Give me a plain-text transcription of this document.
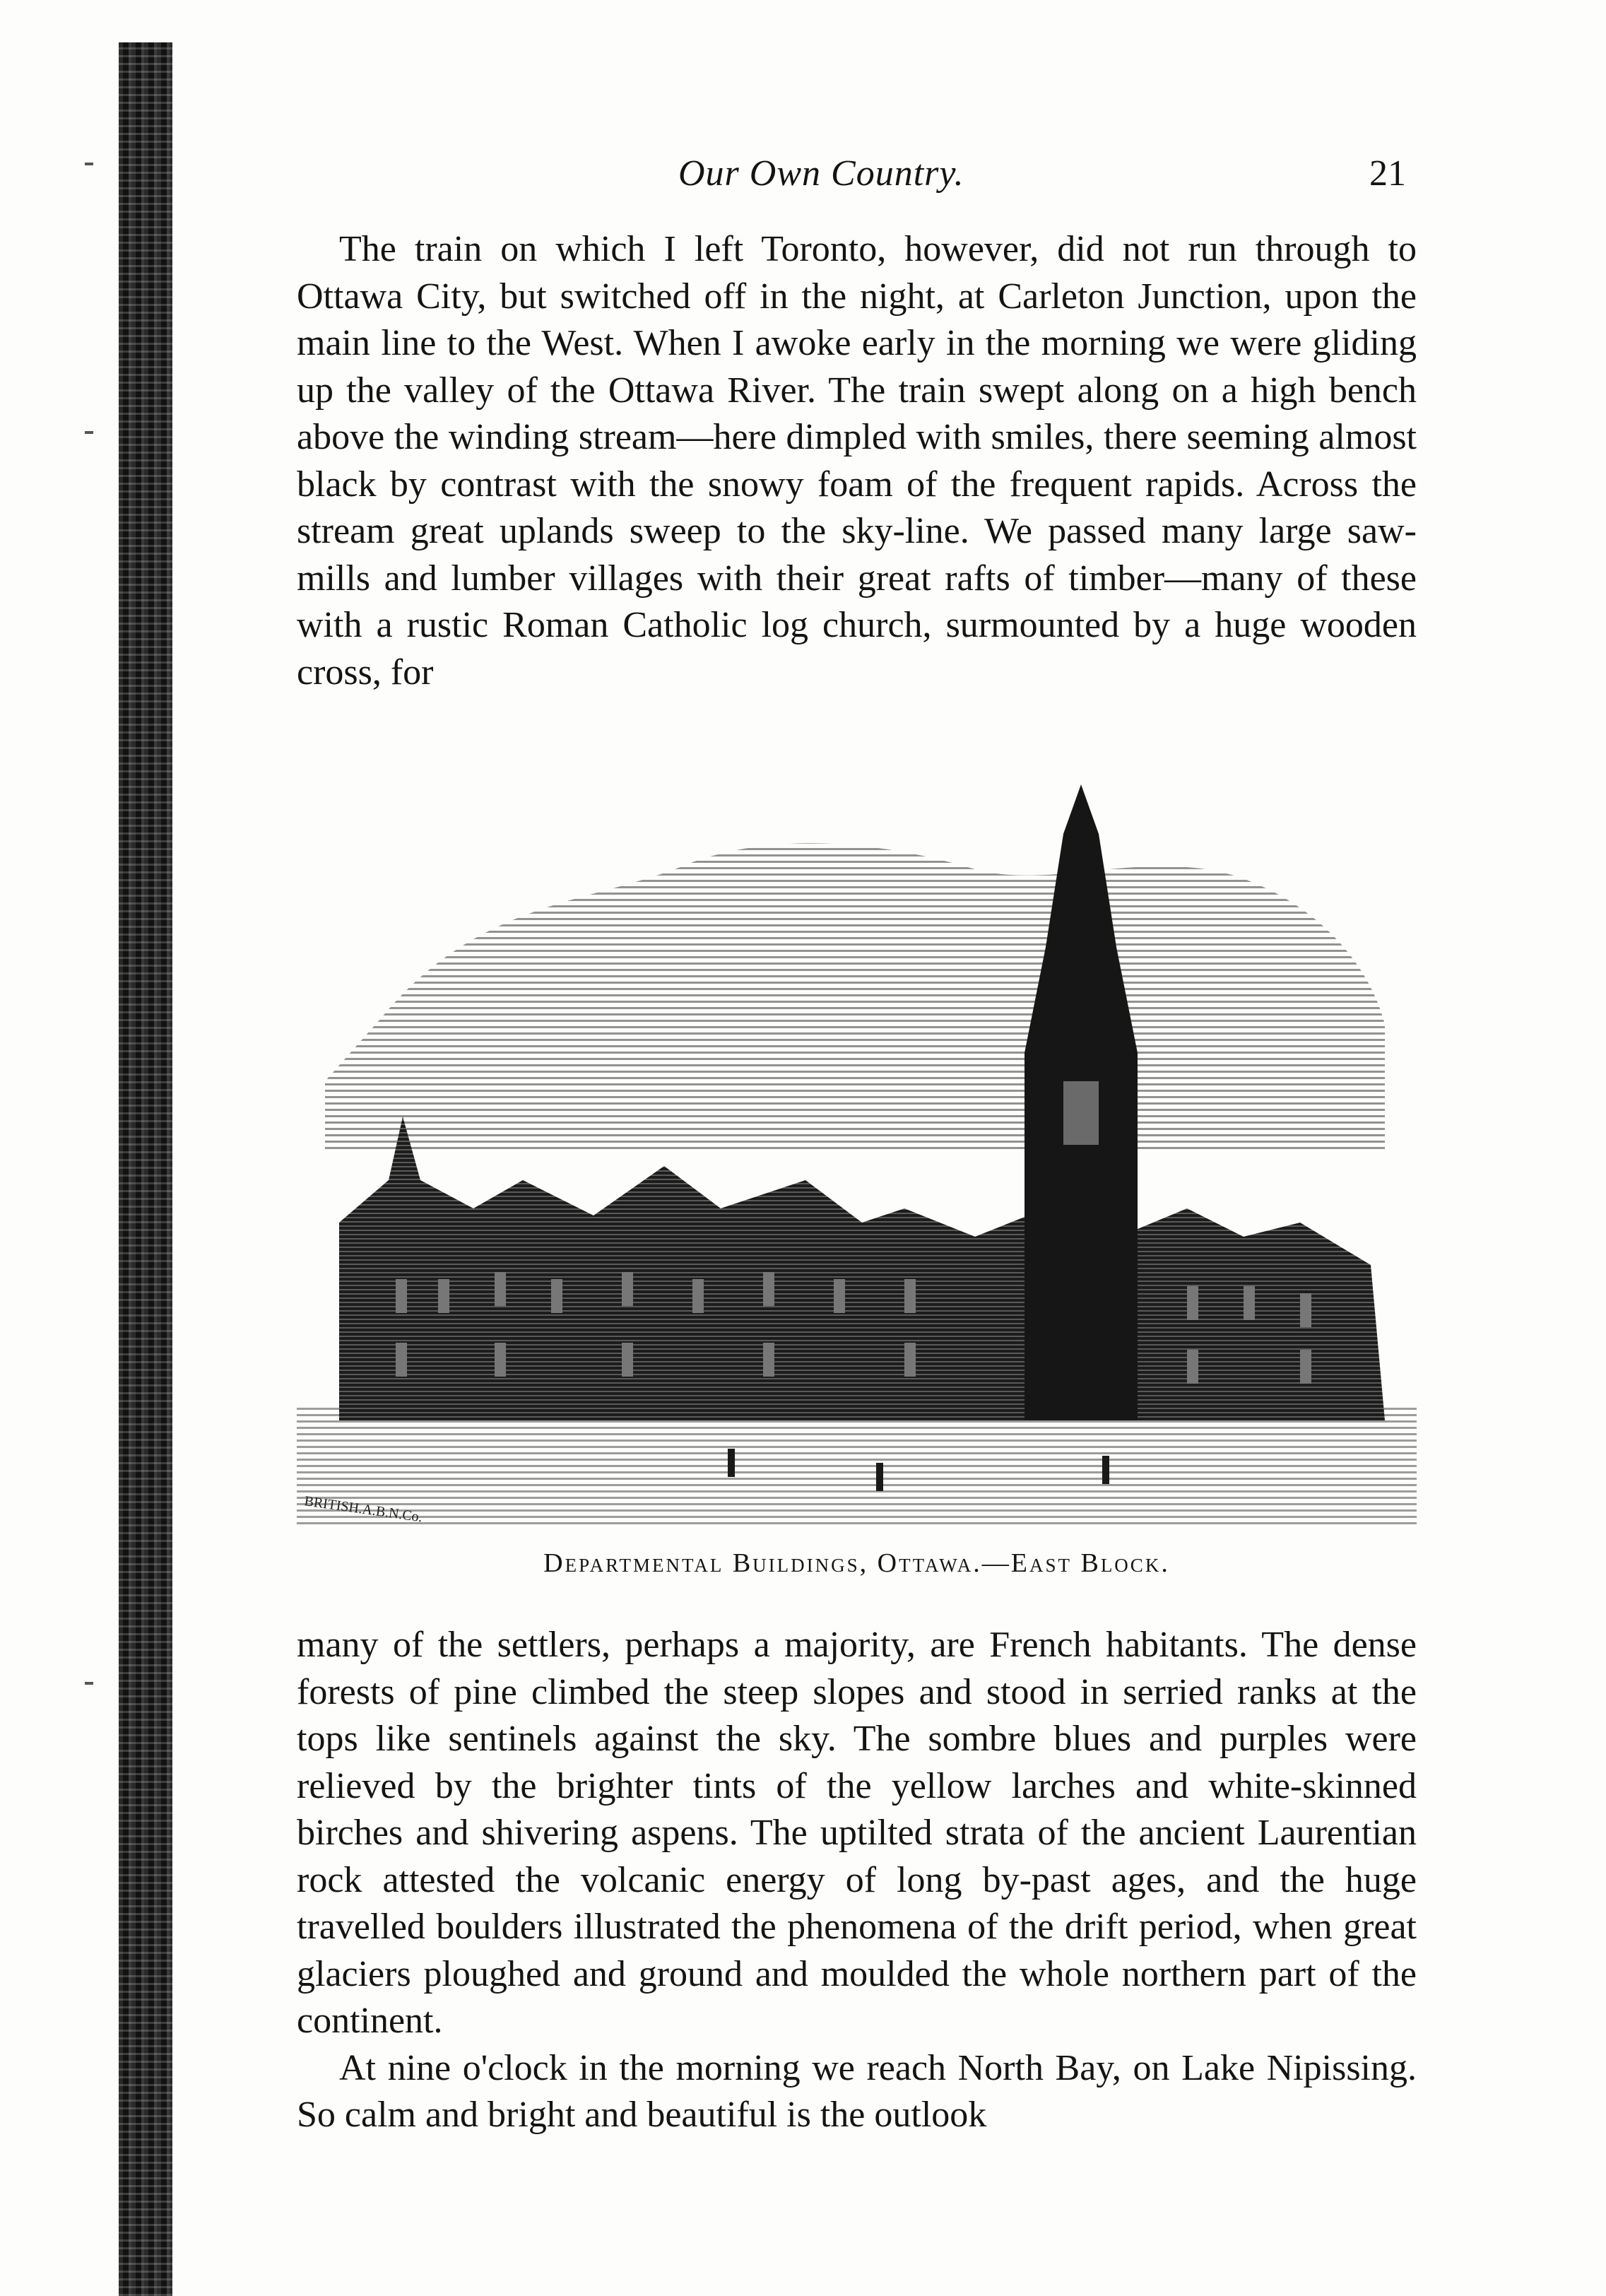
Our Own Country.	21

The train on which I left Toronto, however, did not run through to Ottawa City, but switched off in the night, at Carleton Junction, upon the main line to the West. When I awoke early in the morning we were gliding up the valley of the Ottawa River. The train swept along on a high bench above the winding stream—here dimpled with smiles, there seeming almost black by contrast with the snowy foam of the frequent rapids. Across the stream great uplands sweep to the sky-line. We passed many large saw-mills and lumber villages with their great rafts of timber—many of these with a rustic Roman Catholic log church, surmounted by a huge wooden cross, for

BRITISH.A.B.N.Co.
Departmental Buildings, Ottawa.—East Block.

many of the settlers, perhaps a majority, are French habitants. The dense forests of pine climbed the steep slopes and stood in serried ranks at the tops like sentinels against the sky. The sombre blues and purples were relieved by the brighter tints of the yellow larches and white-skinned birches and shivering aspens. The uptilted strata of the ancient Laurentian rock attested the volcanic energy of long by-past ages, and the huge travelled boulders illustrated the phenomena of the drift period, when great glaciers ploughed and ground and moulded the whole northern part of the continent.

At nine o'clock in the morning we reach North Bay, on Lake Nipissing. So calm and bright and beautiful is the outlook
